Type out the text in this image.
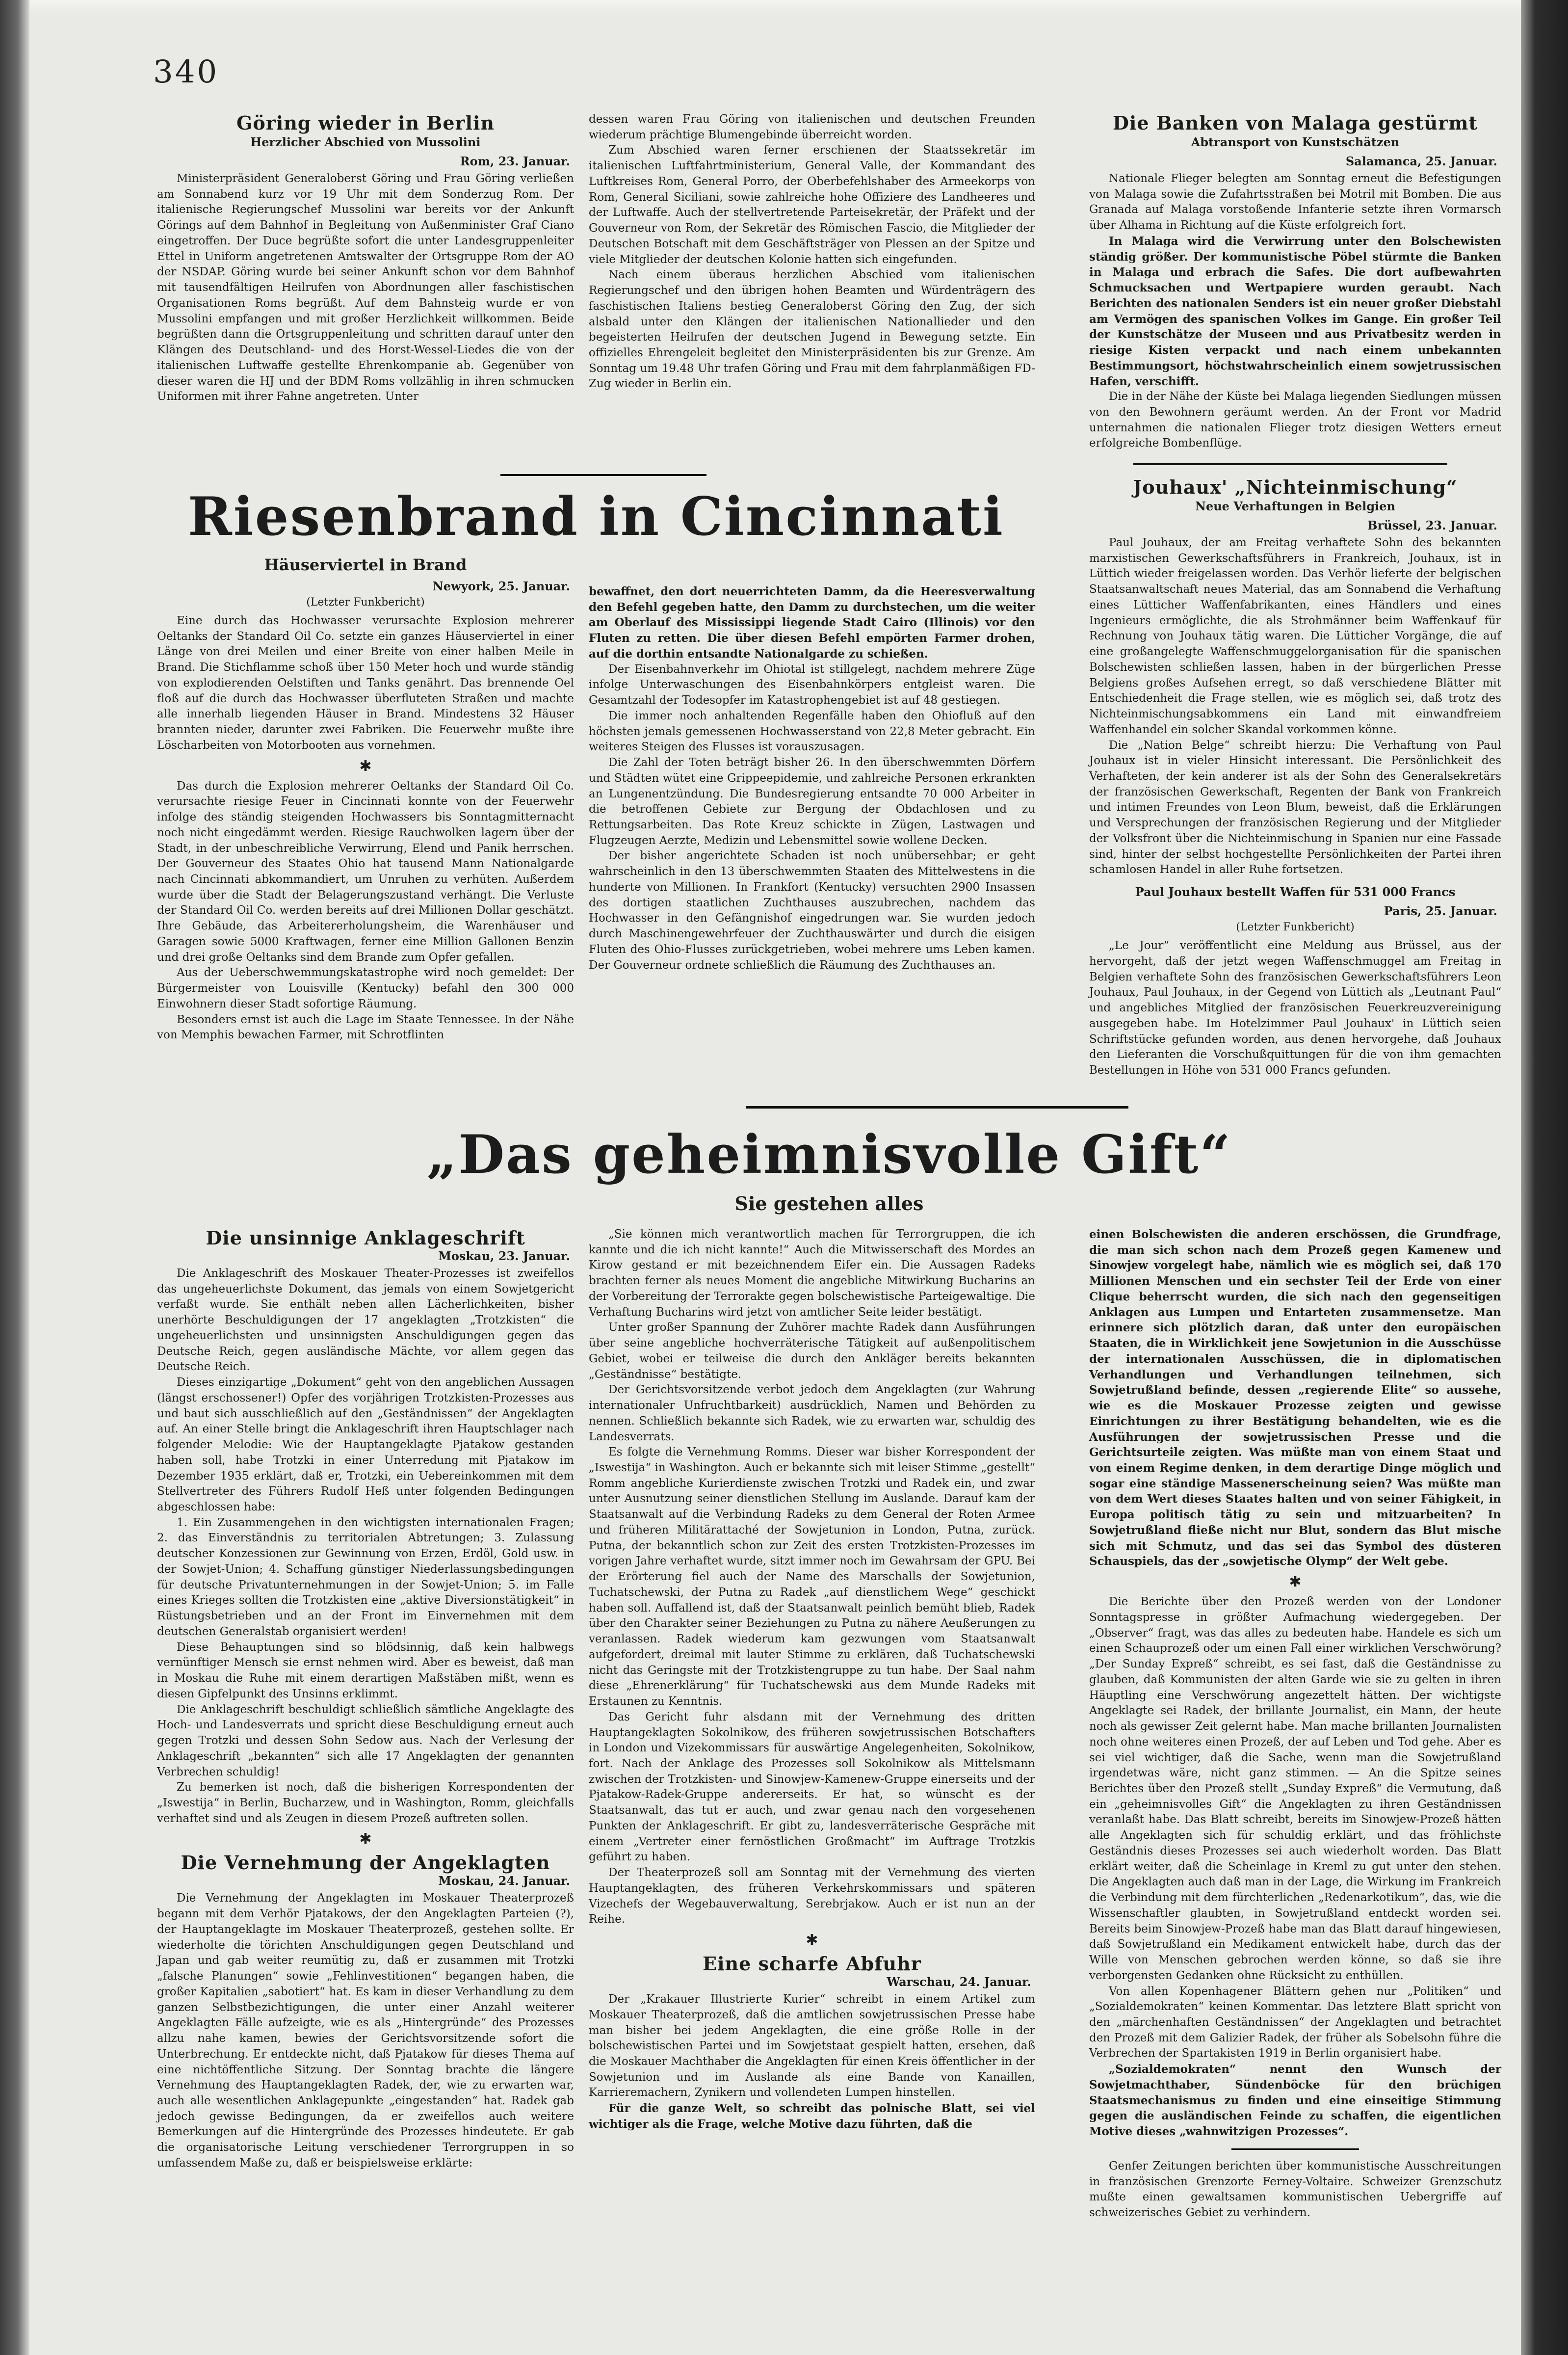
340
Göring wieder in Berlin
Herzlicher Abschied von Mussolini
Rom, 23. Januar.

Ministerpräsident Generaloberst Göring und Frau Göring verließen am Sonnabend kurz vor 19 Uhr mit dem Sonderzug Rom. Der italienische Regierungschef Mussolini war bereits vor der Ankunft Görings auf dem Bahnhof in Begleitung von Außenminister Graf Ciano eingetroffen. Der Duce begrüßte sofort die unter Landesgruppenleiter Ettel in Uniform angetretenen Amtswalter der Ortsgruppe Rom der AO der NSDAP. Göring wurde bei seiner Ankunft schon vor dem Bahnhof mit tausendfältigen Heilrufen von Abordnungen aller faschistischen Organisationen Roms begrüßt. Auf dem Bahnsteig wurde er von Mussolini empfangen und mit großer Herzlichkeit willkommen. Beide begrüßten dann die Ortsgruppenleitung und schritten darauf unter den Klängen des Deutschland- und des Horst-Wessel-Liedes die von der italienischen Luftwaffe gestellte Ehrenkompanie ab. Gegenüber von dieser waren die HJ und der BDM Roms vollzählig in ihren schmucken Uniformen mit ihrer Fahne angetreten. Unter

dessen waren Frau Göring von italienischen und deutschen Freunden wiederum prächtige Blumengebinde überreicht worden.

Zum Abschied waren ferner erschienen der Staatssekretär im italienischen Luftfahrtministerium, General Valle, der Kommandant des Luftkreises Rom, General Porro, der Oberbefehlshaber des Armeekorps von Rom, General Siciliani, sowie zahlreiche hohe Offiziere des Landheeres und der Luftwaffe. Auch der stellvertretende Parteisekretär, der Präfekt und der Gouverneur von Rom, der Sekretär des Römischen Fascio, die Mitglieder der Deutschen Botschaft mit dem Geschäftsträger von Plessen an der Spitze und viele Mitglieder der deutschen Kolonie hatten sich eingefunden.

Nach einem überaus herzlichen Abschied vom italienischen Regierungschef und den übrigen hohen Beamten und Würdenträgern des faschistischen Italiens bestieg Generaloberst Göring den Zug, der sich alsbald unter den Klängen der italienischen Nationallieder und den begeisterten Heilrufen der deutschen Jugend in Bewegung setzte. Ein offizielles Ehrengeleit begleitet den Ministerpräsidenten bis zur Grenze. Am Sonntag um 19.48 Uhr trafen Göring und Frau mit dem fahrplanmäßigen FD-Zug wieder in Berlin ein.

Die Banken von Malaga gestürmt
Abtransport von Kunstschätzen
Salamanca, 25. Januar.

Nationale Flieger belegten am Sonntag erneut die Befestigungen von Malaga sowie die Zufahrtsstraßen bei Motril mit Bomben. Die aus Granada auf Malaga vorstoßende Infanterie setzte ihren Vormarsch über Alhama in Richtung auf die Küste erfolgreich fort.

In Malaga wird die Verwirrung unter den Bolschewisten ständig größer. Der kommunistische Pöbel stürmte die Banken in Malaga und erbrach die Safes. Die dort aufbewahrten Schmucksachen und Wertpapiere wurden geraubt. Nach Berichten des nationalen Senders ist ein neuer großer Diebstahl am Vermögen des spanischen Volkes im Gange. Ein großer Teil der Kunstschätze der Museen und aus Privatbesitz werden in riesige Kisten verpackt und nach einem unbekannten Bestimmungsort, höchstwahrscheinlich einem sowjetrussischen Hafen, verschifft.

Die in der Nähe der Küste bei Malaga liegenden Siedlungen müssen von den Bewohnern geräumt werden. An der Front vor Madrid unternahmen die nationalen Flieger trotz diesigen Wetters erneut erfolgreiche Bombenflüge.

Jouhaux' „Nichteinmischung“
Neue Verhaftungen in Belgien
Brüssel, 23. Januar.

Paul Jouhaux, der am Freitag verhaftete Sohn des bekannten marxistischen Gewerkschaftsführers in Frankreich, Jouhaux, ist in Lüttich wieder freigelassen worden. Das Verhör lieferte der belgischen Staatsanwaltschaft neues Material, das am Sonnabend die Verhaftung eines Lütticher Waffenfabrikanten, eines Händlers und eines Ingenieurs ermöglichte, die als Strohmänner beim Waffenkauf für Rechnung von Jouhaux tätig waren. Die Lütticher Vorgänge, die auf eine großangelegte Waffenschmuggelorganisation für die spanischen Bolschewisten schließen lassen, haben in der bürgerlichen Presse Belgiens großes Aufsehen erregt, so daß verschiedene Blätter mit Entschiedenheit die Frage stellen, wie es möglich sei, daß trotz des Nichteinmischungsabkommens ein Land mit einwandfreiem Waffenhandel ein solcher Skandal vorkommen könne.

Die „Nation Belge“ schreibt hierzu: Die Verhaftung von Paul Jouhaux ist in vieler Hinsicht interessant. Die Persönlichkeit des Verhafteten, der kein anderer ist als der Sohn des Generalsekretärs der französischen Gewerkschaft, Regenten der Bank von Frankreich und intimen Freundes von Leon Blum, beweist, daß die Erklärungen und Versprechungen der französischen Regierung und der Mitglieder der Volksfront über die Nichteinmischung in Spanien nur eine Fassade sind, hinter der selbst hochgestellte Persönlichkeiten der Partei ihren schamlosen Handel in aller Ruhe fortsetzen.

Paul Jouhaux bestellt Waffen für 531 000 Francs
Paris, 25. Januar.
(Letzter Funkbericht)

„Le Jour“ veröffentlicht eine Meldung aus Brüssel, aus der hervorgeht, daß der jetzt wegen Waffenschmuggel am Freitag in Belgien verhaftete Sohn des französischen Gewerkschaftsführers Leon Jouhaux, Paul Jouhaux, in der Gegend von Lüttich als „Leutnant Paul“ und angebliches Mitglied der französischen Feuerkreuzvereinigung ausgegeben habe. Im Hotelzimmer Paul Jouhaux' in Lüttich seien Schriftstücke gefunden worden, aus denen hervorgehe, daß Jouhaux den Lieferanten die Vorschußquittungen für die von ihm gemachten Bestellungen in Höhe von 531 000 Francs gefunden.

Riesenbrand in Cincinnati
Häuserviertel in Brand
Newyork, 25. Januar.
(Letzter Funkbericht)

Eine durch das Hochwasser verursachte Explosion mehrerer Oeltanks der Standard Oil Co. setzte ein ganzes Häuserviertel in einer Länge von drei Meilen und einer Breite von einer halben Meile in Brand. Die Stichflamme schoß über 150 Meter hoch und wurde ständig von explodierenden Oelstiften und Tanks genährt. Das brennende Oel floß auf die durch das Hochwasser überfluteten Straßen und machte alle innerhalb liegenden Häuser in Brand. Mindestens 32 Häuser brannten nieder, darunter zwei Fabriken. Die Feuerwehr mußte ihre Löscharbeiten von Motorbooten aus vornehmen.

✱

Das durch die Explosion mehrerer Oeltanks der Standard Oil Co. verursachte riesige Feuer in Cincinnati konnte von der Feuerwehr infolge des ständig steigenden Hochwassers bis Sonntagmitternacht noch nicht eingedämmt werden. Riesige Rauchwolken lagern über der Stadt, in der unbeschreibliche Verwirrung, Elend und Panik herrschen. Der Gouverneur des Staates Ohio hat tausend Mann Nationalgarde nach Cincinnati abkommandiert, um Unruhen zu verhüten. Außerdem wurde über die Stadt der Belagerungszustand verhängt. Die Verluste der Standard Oil Co. werden bereits auf drei Millionen Dollar geschätzt. Ihre Gebäude, das Arbeitererholungsheim, die Warenhäuser und Garagen sowie 5000 Kraftwagen, ferner eine Million Gallonen Benzin und drei große Oeltanks sind dem Brande zum Opfer gefallen.

Aus der Ueberschwemmungskatastrophe wird noch gemeldet: Der Bürgermeister von Louisville (Kentucky) befahl den 300 000 Einwohnern dieser Stadt sofortige Räumung.

Besonders ernst ist auch die Lage im Staate Tennessee. In der Nähe von Memphis bewachen Farmer, mit Schrotflinten

bewaffnet, den dort neuerrichteten Damm, da die Heeresverwaltung den Befehl gegeben hatte, den Damm zu durchstechen, um die weiter am Oberlauf des Mississippi liegende Stadt Cairo (Illinois) vor den Fluten zu retten. Die über diesen Befehl empörten Farmer drohen, auf die dorthin entsandte Nationalgarde zu schießen.

Der Eisenbahnverkehr im Ohiotal ist stillgelegt, nachdem mehrere Züge infolge Unterwaschungen des Eisenbahnkörpers entgleist waren. Die Gesamtzahl der Todesopfer im Katastrophengebiet ist auf 48 gestiegen.

Die immer noch anhaltenden Regenfälle haben den Ohiofluß auf den höchsten jemals gemessenen Hochwasserstand von 22,8 Meter gebracht. Ein weiteres Steigen des Flusses ist vorauszusagen.

Die Zahl der Toten beträgt bisher 26. In den überschwemmten Dörfern und Städten wütet eine Grippeepidemie, und zahlreiche Personen erkrankten an Lungenentzündung. Die Bundesregierung entsandte 70 000 Arbeiter in die betroffenen Gebiete zur Bergung der Obdachlosen und zu Rettungsarbeiten. Das Rote Kreuz schickte in Zügen, Lastwagen und Flugzeugen Aerzte, Medizin und Lebensmittel sowie wollene Decken.

Der bisher angerichtete Schaden ist noch unübersehbar; er geht wahrscheinlich in den 13 überschwemmten Staaten des Mittelwestens in die hunderte von Millionen. In Frankfort (Kentucky) versuchten 2900 Insassen des dortigen staatlichen Zuchthauses auszubrechen, nachdem das Hochwasser in den Gefängnishof eingedrungen war. Sie wurden jedoch durch Maschinengewehrfeuer der Zuchthauswärter und durch die eisigen Fluten des Ohio-Flusses zurückgetrieben, wobei mehrere ums Leben kamen. Der Gouverneur ordnete schließlich die Räumung des Zuchthauses an.

„Das geheimnisvolle Gift“
Sie gestehen alles
Die unsinnige Anklageschrift
Moskau, 23. Januar.

Die Anklageschrift des Moskauer Theater-Prozesses ist zweifellos das ungeheuerlichste Dokument, das jemals von einem Sowjetgericht verfaßt wurde. Sie enthält neben allen Lächerlichkeiten, bisher unerhörte Beschuldigungen der 17 angeklagten „Trotzkisten“ die ungeheuerlichsten und unsinnigsten Anschuldigungen gegen das Deutsche Reich, gegen ausländische Mächte, vor allem gegen das Deutsche Reich.

Dieses einzigartige „Dokument“ geht von den angeblichen Aussagen (längst erschossener!) Opfer des vorjährigen Trotzkisten-Prozesses aus und baut sich ausschließlich auf den „Geständnissen“ der Angeklagten auf. An einer Stelle bringt die Anklageschrift ihren Hauptschlager nach folgender Melodie: Wie der Hauptangeklagte Pjatakow gestanden haben soll, habe Trotzki in einer Unterredung mit Pjatakow im Dezember 1935 erklärt, daß er, Trotzki, ein Uebereinkommen mit dem Stellvertreter des Führers Rudolf Heß unter folgenden Bedingungen abgeschlossen habe:

1. Ein Zusammengehen in den wichtigsten internationalen Fragen; 2. das Einverständnis zu territorialen Abtretungen; 3. Zulassung deutscher Konzessionen zur Gewinnung von Erzen, Erdöl, Gold usw. in der Sowjet-Union; 4. Schaffung günstiger Niederlassungsbedingungen für deutsche Privatunternehmungen in der Sowjet-Union; 5. im Falle eines Krieges sollten die Trotzkisten eine „aktive Diversionstätigkeit“ in Rüstungsbetrieben und an der Front im Einvernehmen mit dem deutschen Generalstab organisiert werden!

Diese Behauptungen sind so blödsinnig, daß kein halbwegs vernünftiger Mensch sie ernst nehmen wird. Aber es beweist, daß man in Moskau die Ruhe mit einem derartigen Maßstäben mißt, wenn es diesen Gipfelpunkt des Unsinns erklimmt.

Die Anklageschrift beschuldigt schließlich sämtliche Angeklagte des Hoch- und Landesverrats und spricht diese Beschuldigung erneut auch gegen Trotzki und dessen Sohn Sedow aus. Nach der Verlesung der Anklageschrift „bekannten“ sich alle 17 Angeklagten der genannten Verbrechen schuldig!

Zu bemerken ist noch, daß die bisherigen Korrespondenten der „Iswestija“ in Berlin, Bucharzew, und in Washington, Romm, gleichfalls verhaftet sind und als Zeugen in diesem Prozeß auftreten sollen.

✱
Die Vernehmung der Angeklagten
Moskau, 24. Januar.

Die Vernehmung der Angeklagten im Moskauer Theaterprozeß begann mit dem Verhör Pjatakows, der den Angeklagten Parteien (?), der Hauptangeklagte im Moskauer Theaterprozeß, gestehen sollte. Er wiederholte die törichten Anschuldigungen gegen Deutschland und Japan und gab weiter reumütig zu, daß er zusammen mit Trotzki „falsche Planungen“ sowie „Fehlinvestitionen“ begangen haben, die großer Kapitalien „sabotiert“ hat. Es kam in dieser Verhandlung zu dem ganzen Selbstbezichtigungen, die unter einer Anzahl weiterer Angeklagten Fälle aufzeigte, wie es als „Hintergründe“ des Prozesses allzu nahe kamen, bewies der Gerichtsvorsitzende sofort die Unterbrechung. Er entdeckte nicht, daß Pjatakow für dieses Thema auf eine nichtöffentliche Sitzung. Der Sonntag brachte die längere Vernehmung des Hauptangeklagten Radek, der, wie zu erwarten war, auch alle wesentlichen Anklagepunkte „eingestanden“ hat. Radek gab jedoch gewisse Bedingungen, da er zweifellos auch weitere Bemerkungen auf die Hintergründe des Prozesses hindeutete. Er gab die organisatorische Leitung verschiedener Terrorgruppen in so umfassendem Maße zu, daß er beispielsweise erklärte:

„Sie können mich verantwortlich machen für Terrorgruppen, die ich kannte und die ich nicht kannte!“ Auch die Mitwisserschaft des Mordes an Kirow gestand er mit bezeichnendem Eifer ein. Die Aussagen Radeks brachten ferner als neues Moment die angebliche Mitwirkung Bucharins an der Vorbereitung der Terrorakte gegen bolschewistische Parteigewaltige. Die Verhaftung Bucharins wird jetzt von amtlicher Seite leider bestätigt.

Unter großer Spannung der Zuhörer machte Radek dann Ausführungen über seine angebliche hochverräterische Tätigkeit auf außenpolitischem Gebiet, wobei er teilweise die durch den Ankläger bereits bekannten „Geständnisse“ bestätigte.

Der Gerichtsvorsitzende verbot jedoch dem Angeklagten (zur Wahrung internationaler Unfruchtbarkeit) ausdrücklich, Namen und Behörden zu nennen. Schließlich bekannte sich Radek, wie zu erwarten war, schuldig des Landesverrats.

Es folgte die Vernehmung Romms. Dieser war bisher Korrespondent der „Iswestija“ in Washington. Auch er bekannte sich mit leiser Stimme „gestellt“ Romm angebliche Kurierdienste zwischen Trotzki und Radek ein, und zwar unter Ausnutzung seiner dienstlichen Stellung im Auslande. Darauf kam der Staatsanwalt auf die Verbindung Radeks zu dem General der Roten Armee und früheren Militärattaché der Sowjetunion in London, Putna, zurück. Putna, der bekanntlich schon zur Zeit des ersten Trotzkisten-Prozesses im vorigen Jahre verhaftet wurde, sitzt immer noch im Gewahrsam der GPU. Bei der Erörterung fiel auch der Name des Marschalls der Sowjetunion, Tuchatschewski, der Putna zu Radek „auf dienstlichem Wege“ geschickt haben soll. Auffallend ist, daß der Staatsanwalt peinlich bemüht blieb, Radek über den Charakter seiner Beziehungen zu Putna zu nähere Aeußerungen zu veranlassen. Radek wiederum kam gezwungen vom Staatsanwalt aufgefordert, dreimal mit lauter Stimme zu erklären, daß Tuchatschewski nicht das Geringste mit der Trotzkistengruppe zu tun habe. Der Saal nahm diese „Ehrenerklärung“ für Tuchatschewski aus dem Munde Radeks mit Erstaunen zu Kenntnis.

Das Gericht fuhr alsdann mit der Vernehmung des dritten Hauptangeklagten Sokolnikow, des früheren sowjetrussischen Botschafters in London und Vizekommissars für auswärtige Angelegenheiten, Sokolnikow, fort. Nach der Anklage des Prozesses soll Sokolnikow als Mittelsmann zwischen der Trotzkisten- und Sinowjew-Kamenew-Gruppe einerseits und der Pjatakow-Radek-Gruppe andererseits. Er hat, so wünscht es der Staatsanwalt, das tut er auch, und zwar genau nach den vorgesehenen Punkten der Anklageschrift. Er gibt zu, landesverräterische Gespräche mit einem „Vertreter einer fernöstlichen Großmacht“ im Auftrage Trotzkis geführt zu haben.

Der Theaterprozeß soll am Sonntag mit der Vernehmung des vierten Hauptangeklagten, des früheren Verkehrskommissars und späteren Vizechefs der Wegebauverwaltung, Serebrjakow. Auch er ist nun an der Reihe.

✱
Eine scharfe Abfuhr
Warschau, 24. Januar.

Der „Krakauer Illustrierte Kurier“ schreibt in einem Artikel zum Moskauer Theaterprozeß, daß die amtlichen sowjetrussischen Presse habe man bisher bei jedem Angeklagten, die eine größe Rolle in der bolschewistischen Partei und im Sowjetstaat gespielt hatten, ersehen, daß die Moskauer Machthaber die Angeklagten für einen Kreis öffentlicher in der Sowjetunion und im Auslande als eine Bande von Kanaillen, Karrieremachern, Zynikern und vollendeten Lumpen hinstellen.

Für die ganze Welt, so schreibt das polnische Blatt, sei viel wichtiger als die Frage, welche Motive dazu führten, daß die

einen Bolschewisten die anderen erschössen, die Grundfrage, die man sich schon nach dem Prozeß gegen Kamenew und Sinowjew vorgelegt habe, nämlich wie es möglich sei, daß 170 Millionen Menschen und ein sechster Teil der Erde von einer Clique beherrscht wurden, die sich nach den gegenseitigen Anklagen aus Lumpen und Entarteten zusammensetze. Man erinnere sich plötzlich daran, daß unter den europäischen Staaten, die in Wirklichkeit jene Sowjetunion in die Ausschüsse der internationalen Ausschüssen, die in diplomatischen Verhandlungen und Verhandlungen teilnehmen, sich Sowjetrußland befinde, dessen „regierende Elite“ so aussehe, wie es die Moskauer Prozesse zeigten und gewisse Einrichtungen zu ihrer Bestätigung behandelten, wie es die Ausführungen der sowjetrussischen Presse und die Gerichtsurteile zeigten. Was müßte man von einem Staat und von einem Regime denken, in dem derartige Dinge möglich und sogar eine ständige Massenerscheinung seien? Was müßte man von dem Wert dieses Staates halten und von seiner Fähigkeit, in Europa politisch tätig zu sein und mitzuarbeiten? In Sowjetrußland fließe nicht nur Blut, sondern das Blut mische sich mit Schmutz, und das sei das Symbol des düsteren Schauspiels, das der „sowjetische Olymp“ der Welt gebe.

✱

Die Berichte über den Prozeß werden von der Londoner Sonntagspresse in größter Aufmachung wiedergegeben. Der „Observer“ fragt, was das alles zu bedeuten habe. Handele es sich um einen Schauprozeß oder um einen Fall einer wirklichen Verschwörung? „Der Sunday Expreß“ schreibt, es sei fast, daß die Geständnisse zu glauben, daß Kommunisten der alten Garde wie sie zu gelten in ihren Häuptling eine Verschwörung angezettelt hätten. Der wichtigste Angeklagte sei Radek, der brillante Journalist, ein Mann, der heute noch als gewisser Zeit gelernt habe. Man mache brillanten Journalisten noch ohne weiteres einen Prozeß, der auf Leben und Tod gehe. Aber es sei viel wichtiger, daß die Sache, wenn man die Sowjetrußland irgendetwas wäre, nicht ganz stimmen. — An die Spitze seines Berichtes über den Prozeß stellt „Sunday Expreß“ die Vermutung, daß ein „geheimnisvolles Gift“ die Angeklagten zu ihren Geständnissen veranlaßt habe. Das Blatt schreibt, bereits im Sinowjew-Prozeß hätten alle Angeklagten sich für schuldig erklärt, und das fröhlichste Geständnis dieses Prozesses sei auch wiederholt worden. Das Blatt erklärt weiter, daß die Scheinlage in Kreml zu gut unter den stehen. Die Angeklagten auch daß man in der Lage, die Wirkung im Frankreich die Verbindung mit dem fürchterlichen „Redenarkotikum“, das, wie die Wissenschaftler glaubten, in Sowjetrußland entdeckt worden sei. Bereits beim Sinowjew-Prozeß habe man das Blatt darauf hingewiesen, daß Sowjetrußland ein Medikament entwickelt habe, durch das der Wille von Menschen gebrochen werden könne, so daß sie ihre verborgensten Gedanken ohne Rücksicht zu enthüllen.

Von allen Kopenhagener Blättern gehen nur „Politiken“ und „Sozialdemokraten“ keinen Kommentar. Das letztere Blatt spricht von den „märchenhaften Geständnissen“ der Angeklagten und betrachtet den Prozeß mit dem Galizier Radek, der früher als Sobelsohn führe die Verbrechen der Spartakisten 1919 in Berlin organisiert habe.

„Sozialdemokraten“ nennt den Wunsch der Sowjetmachthaber, Sündenböcke für den brüchigen Staatsmechanismus zu finden und eine einseitige Stimmung gegen die ausländischen Feinde zu schaffen, die eigentlichen Motive dieses „wahnwitzigen Prozesses“.

Genfer Zeitungen berichten über kommunistische Ausschreitungen in französischen Grenzorte Ferney-Voltaire. Schweizer Grenzschutz mußte einen gewaltsamen kommunistischen Uebergriffe auf schweizerisches Gebiet zu verhindern.
